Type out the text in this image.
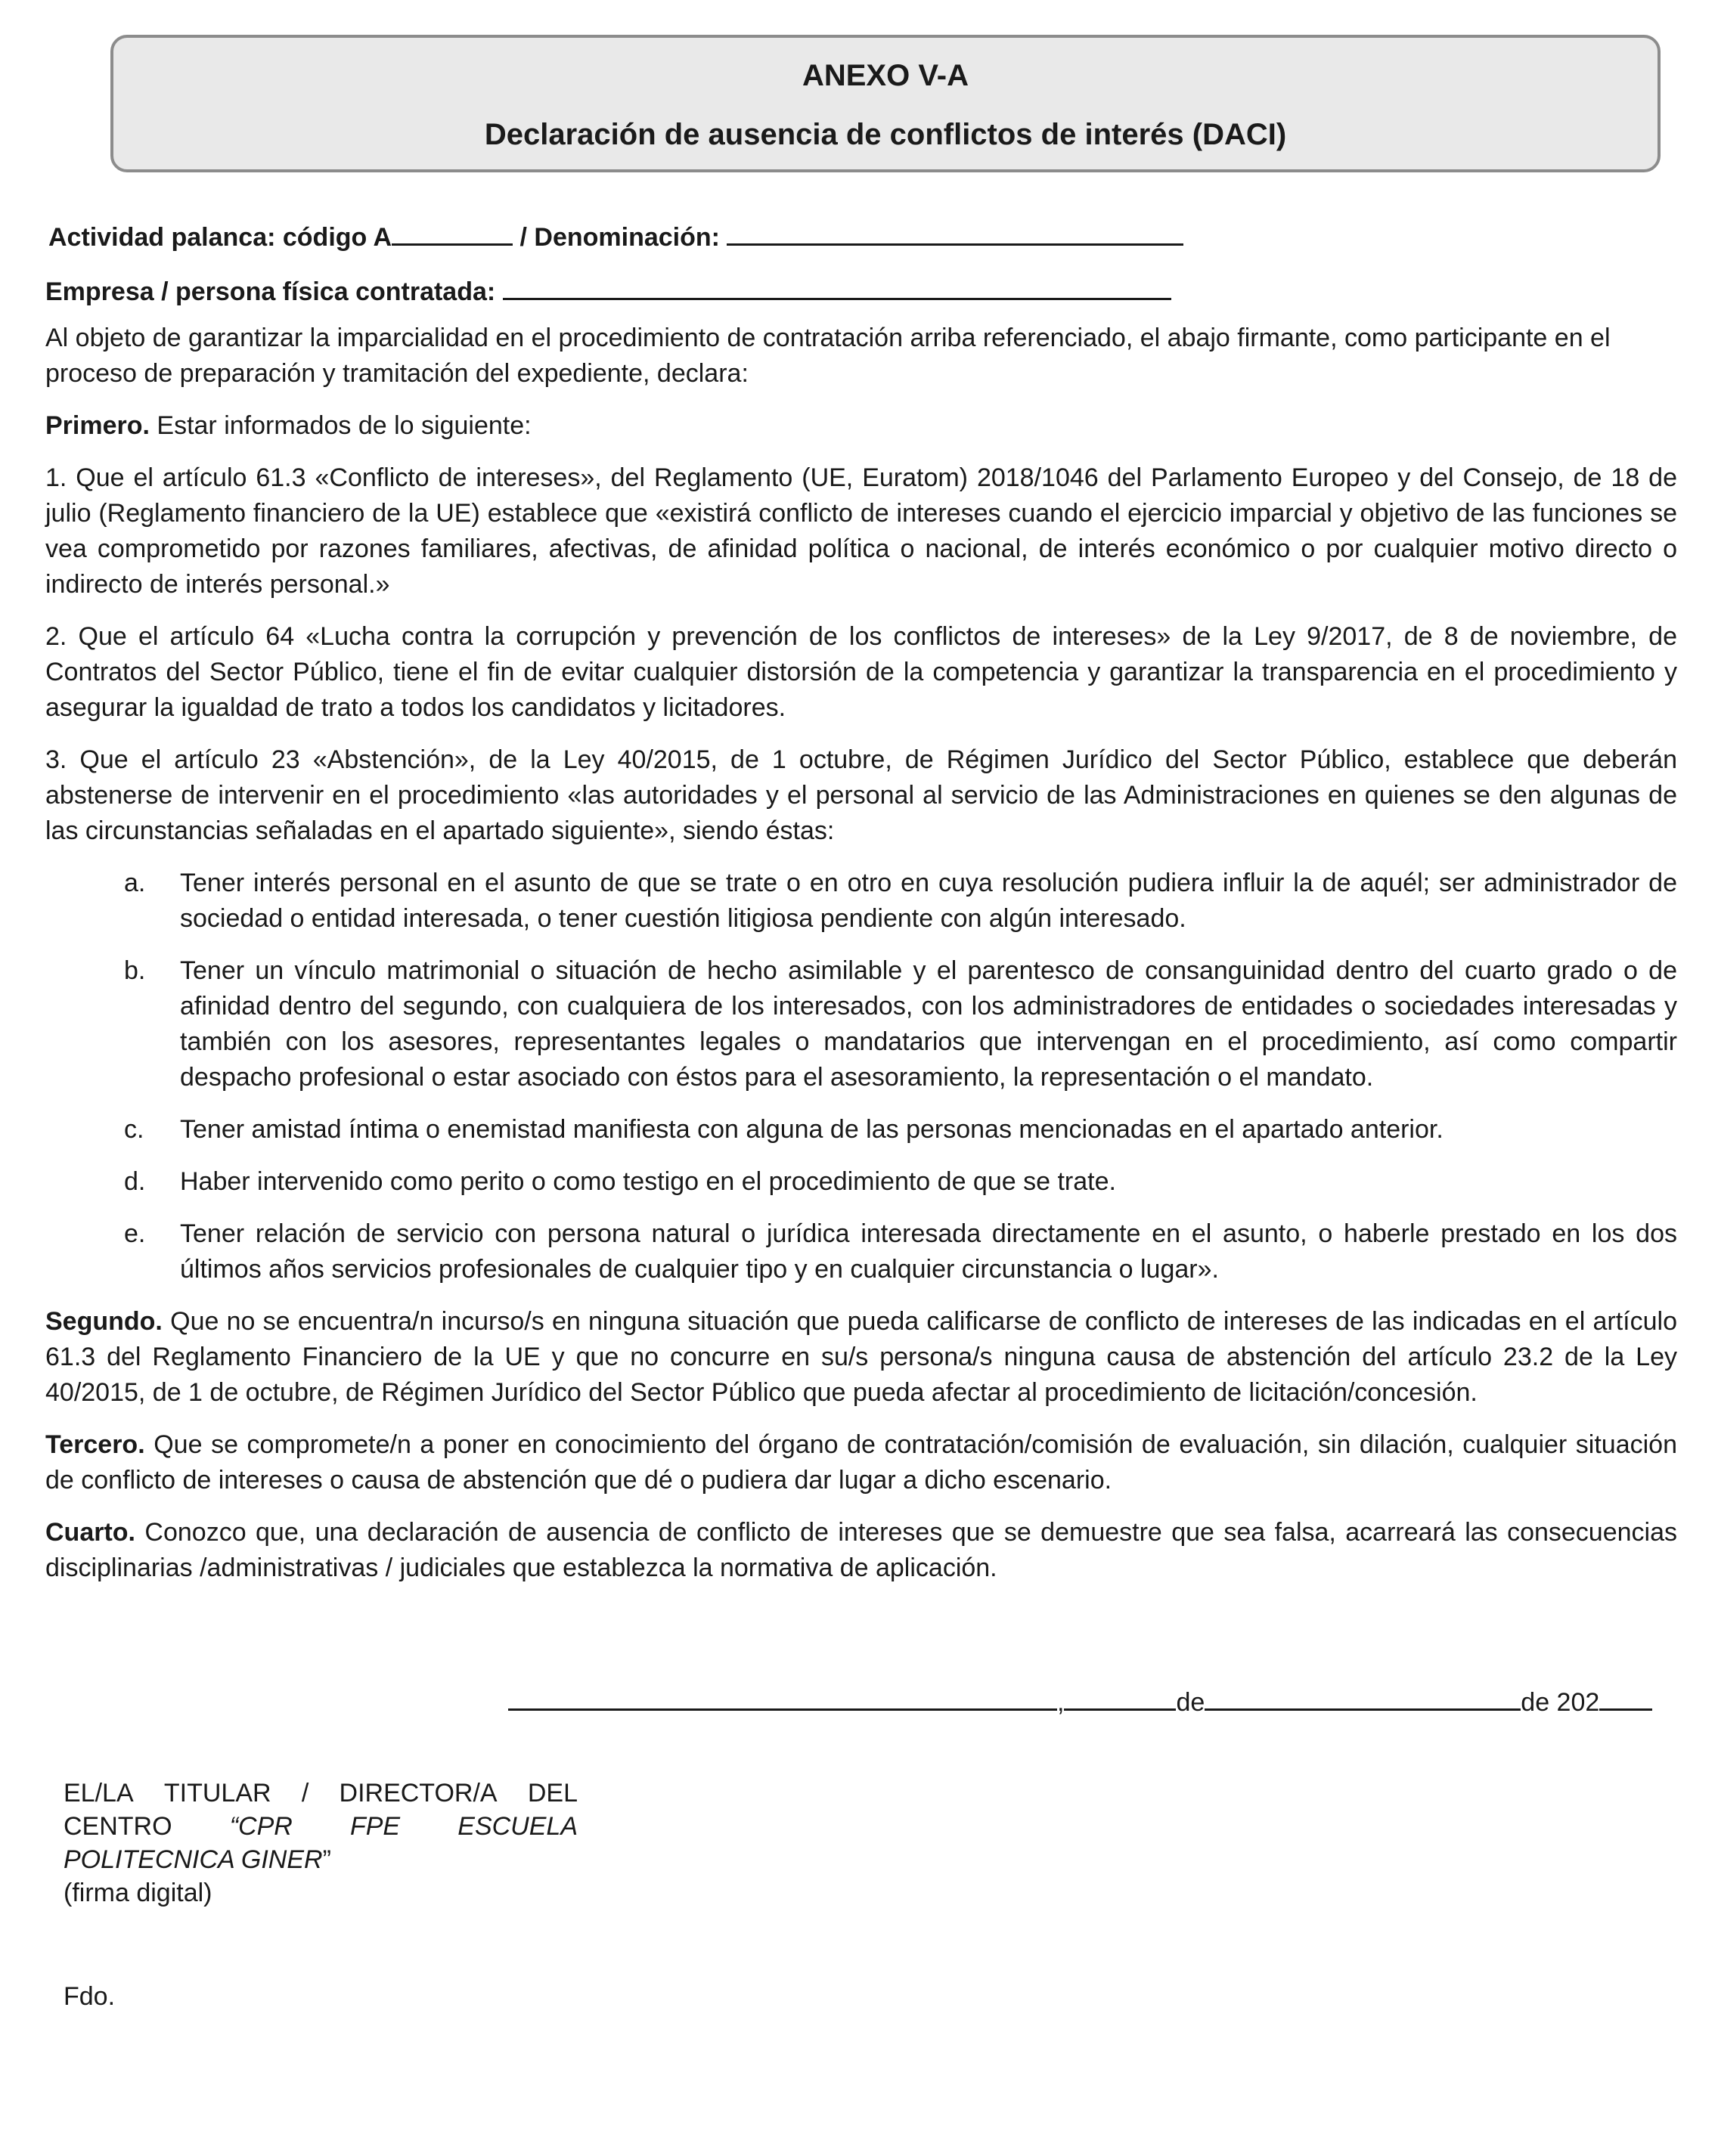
ANEXO V-A
Declaración de ausencia de conflictos de interés (DACI)
Actividad palanca: código A	/ Denominación:
Empresa / persona física contratada:

Al objeto de garantizar la imparcialidad en el procedimiento de contratación arriba referenciado, el abajo firmante, como participante en el proceso de preparación y tramitación del expediente, declara:

Primero. Estar informados de lo siguiente:

1. Que el artículo 61.3 «Conflicto de intereses», del Reglamento (UE, Euratom) 2018/1046 del Parlamento Europeo y del Consejo, de 18 de julio (Reglamento financiero de la UE) establece que «existirá conflicto de intereses cuando el ejercicio imparcial y objetivo de las funciones se vea comprometido por razones familiares, afectivas, de afinidad política o nacional, de interés económico o por cualquier motivo directo o indirecto de interés personal.»

2. Que el artículo 64 «Lucha contra la corrupción y prevención de los conflictos de intereses» de la Ley 9/2017, de 8 de noviembre, de Contratos del Sector Público, tiene el fin de evitar cualquier distorsión de la competencia y garantizar la transparencia en el procedimiento y asegurar la igualdad de trato a todos los candidatos y licitadores.

3. Que el artículo 23 «Abstención», de la Ley 40/2015, de 1 octubre, de Régimen Jurídico del Sector Público, establece que deberán abstenerse de intervenir en el procedimiento «las autoridades y el personal al servicio de las Administraciones en quienes se den algunas de las circunstancias señaladas en el apartado siguiente», siendo éstas:

a. Tener interés personal en el asunto de que se trate o en otro en cuya resolución pudiera influir la de aquél; ser administrador de sociedad o entidad interesada, o tener cuestión litigiosa pendiente con algún interesado.
b. Tener un vínculo matrimonial o situación de hecho asimilable y el parentesco de consanguinidad dentro del cuarto grado o de afinidad dentro del segundo, con cualquiera de los interesados, con los administradores de entidades o sociedades interesadas y también con los asesores, representantes legales o mandatarios que intervengan en el procedimiento, así como compartir despacho profesional o estar asociado con éstos para el asesoramiento, la representación o el mandato.
c. Tener amistad íntima o enemistad manifiesta con alguna de las personas mencionadas en el apartado anterior.
d. Haber intervenido como perito o como testigo en el procedimiento de que se trate.
e. Tener relación de servicio con persona natural o jurídica interesada directamente en el asunto, o haberle prestado en los dos últimos años servicios profesionales de cualquier tipo y en cualquier circunstancia o lugar».

Segundo. Que no se encuentra/n incurso/s en ninguna situación que pueda calificarse de conflicto de intereses de las indicadas en el artículo 61.3 del Reglamento Financiero de la UE y que no concurre en su/s persona/s ninguna causa de abstención del artículo 23.2 de la Ley 40/2015, de 1 de octubre, de Régimen Jurídico del Sector Público que pueda afectar al procedimiento de licitación/concesión.

Tercero. Que se compromete/n a poner en conocimiento del órgano de contratación/comisión de evaluación, sin dilación, cualquier situación de conflicto de intereses o causa de abstención que dé o pudiera dar lugar a dicho escenario.

Cuarto. Conozco que, una declaración de ausencia de conflicto de intereses que se demuestre que sea falsa, acarreará las consecuencias disciplinarias /administrativas / judiciales que establezca la normativa de aplicación.

,	de	de 202
EL/LA TITULAR / DIRECTOR/A DEL
CENTRO “CPR FPE ESCUELA
POLITECNICA GINER”
(firma digital)
Fdo.
